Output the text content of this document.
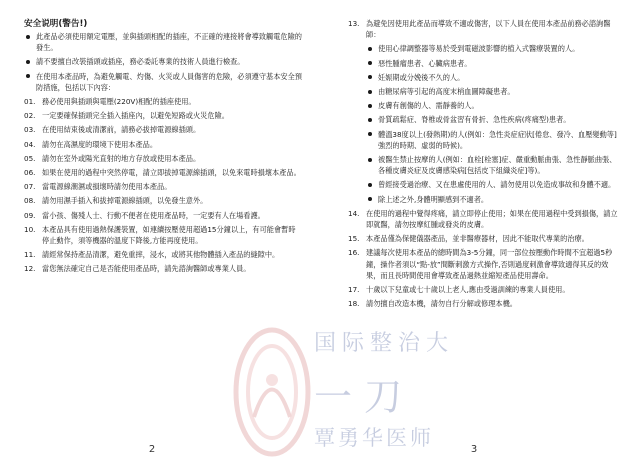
安全说明(警告!)
此產品必須使用額定電壓，並與插頭相配的插座，不正確的連接將會導致觸電危險的發生。
請不要擅自改裝插頭或插座，務必委託專業的技術人員進行檢查。
在使用本產品時，為避免觸電、灼傷、火災或人員傷害的危險，必須遵守基本安全預防措施，包括以下內容：
01. 務必使用與插頭與電壓(220V)相配的插座使用。
02. 一定要確保插頭完全插入插座內，以避免短路或火災危險。
03. 在使用結束後或清潔前，請務必拔掉電源線插頭。
04. 請勿在高濕度的環境下使用本產品。
05. 請勿在室外或陽光直射的地方存放或使用本產品。
06. 如果在使用的過程中突然停電，請立即拔掉電源線插頭，以免來電時損壞本產品。
07. 當電源線潮濕或損壞時請勿使用本產品。
08. 請勿用濕手插入和拔掉電源線插頭，以免發生意外。
09. 當小孩、傷殘人士、行動不便者在使用產品時，一定要有人在場看護。
10. 本產品具有使用過熱保護裝置，如連續按壓使用超過15分鐘以上，有可能會暫時停止動作，須等機器的溫度下降後,方能再度使用。
11. 請經常保持產品清潔，避免重摔，浸水，或將其他物體插入產品的縫隙中。
12. 當您無法確定自己是否能使用產品時，請先諮詢醫師或專業人員。
2
13. 為避免因使用此產品而導致不適或傷害，以下人員在使用本產品前務必諮詢醫師：
使用心律調整器等易於受到電磁波影響的植入式醫療裝置的人。
惡性腫瘤患者、心臟病患者。
妊娠期或分娩後不久的人。
由糖尿病等引起的高度末梢血圖障礙患者。
皮膚有創傷的人、需靜養的人。
骨質疏鬆症、脊椎或骨盆習有骨折、急性疾病(疼痛型)患者。
體溫38度以上(發熱期)的人(例如：急性炎症症狀[倦怠、發冷、血壓變動等]強烈的時期、虛弱的時候)。
被醫生禁止按摩的人(例如：血栓[栓塞]症、嚴重動脈曲張、急性靜脈曲張、各種皮膚炎症及皮膚感染病[包括皮下組織炎症]等)。
曾經接受過治療、又在患處使用的人、請勿使用以免造成事故和身體不適。
除上述之外,身體明顯感到不適者。
14. 在使用的過程中覺得疼痛，請立即停止使用；如果在使用過程中受到損傷，請立即就醫，請勿按摩紅腫或發炎的皮膚。
15. 本產品僅為保健儀器產品，並非醫療器材，因此不能取代專業的治療。
16. 建議每次使用本產品的總時間為3-5分鐘，同一部位按壓動作時間不宜超過5秒鐘，操作者須以“點-放”間斷刺激方式操作,否則過度刺激會導致適得其反的效果，而且長時間使用會導致產品過熱並縮短產品使用壽命。
17. 十歲以下兒童或七十歲以上老人,應由受過訓練的專業人員使用。
18. 請勿擅自改造本機，請勿自行分解或修理本機。
3
国际整治大
一刀
覃勇华医师
